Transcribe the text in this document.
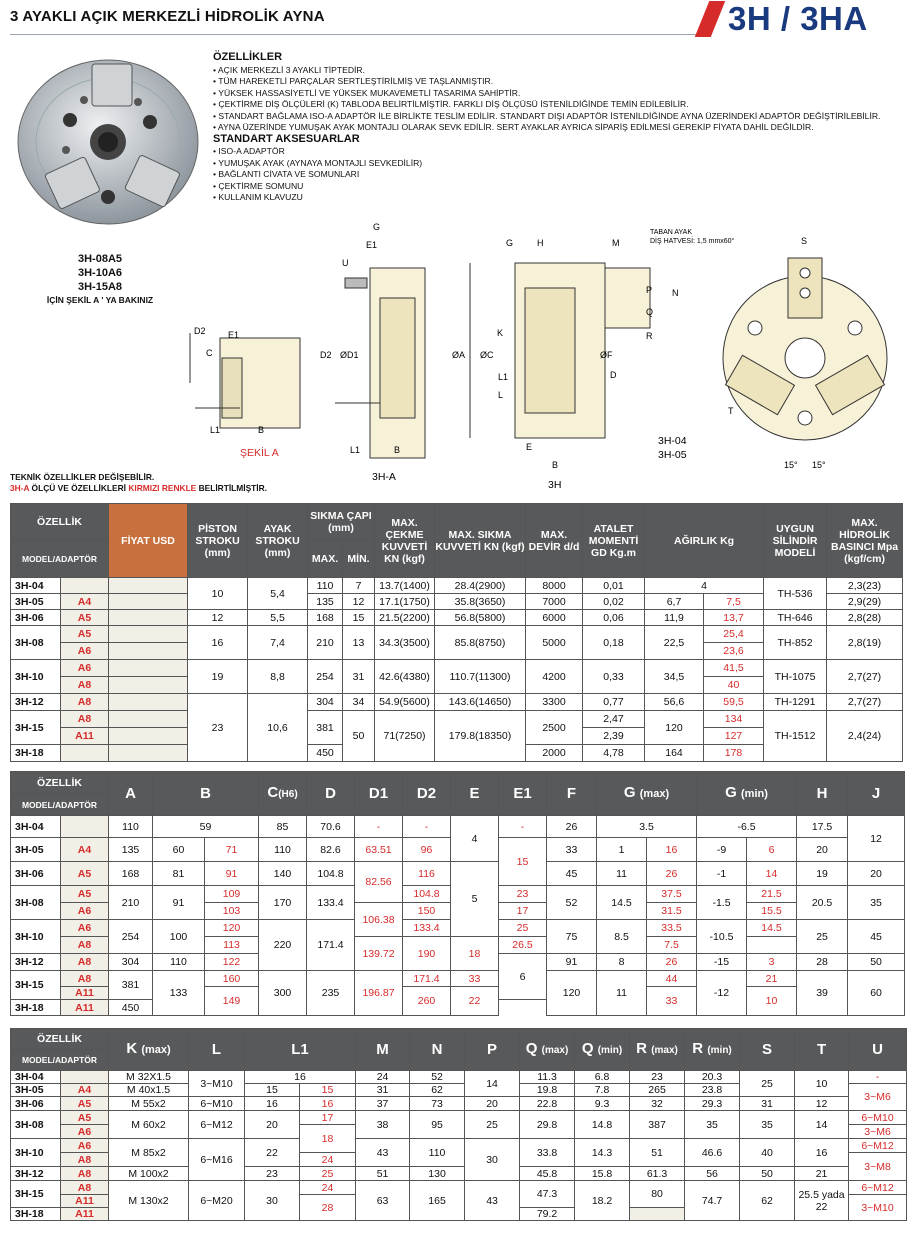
3 AYAKLI AÇIK MERKEZLİ HİDROLİK AYNA	3H / 3HA
ÖZELLİKLER
• AÇIK MERKEZLİ 3 AYAKLI TİPTEDİR.
• TÜM HAREKETLİ PARÇALAR SERTLEŞTİRİLMİŞ VE TAŞLANMIŞTIR.
• YÜKSEK HASSASİYETLİ VE YÜKSEK MUKAVEMETLİ TASARIMA SAHİPTİR.
• ÇEKTİRME DİŞ ÖLÇÜLERİ (K) TABLODA BELİRTİLMİŞTİR. FARKLI DİŞ ÖLÇÜSÜ İSTENİLDİĞİNDE TEMİN EDİLEBİLİR.
• STANDART BAĞLAMA ISO-A ADAPTÖR İLE BİRLİKTE TESLİM EDİLİR. STANDART DIŞI ADAPTÖR İSTENİLDİĞİNDE AYNA ÜZERİNDEKİ ADAPTÖR DEĞİŞTİRİLEBİLİR.
• AYNA ÜZERİNDE YUMUŞAK AYAK MONTAJLI OLARAK SEVK EDİLİR. SERT AYAKLAR AYRICA SİPARİŞ EDİLMESİ GEREKİP FİYATA DAHİL DEĞİLDİR.
STANDART AKSESUARLAR
• ISO-A ADAPTÖR
• YUMUŞAK AYAK (AYNAYA MONTAJLI SEVKEDİLİR)
• BAĞLANTI CİVATA VE SOMUNLARI
• ÇEKTİRME SOMUNU
• KULLANIM KLAVUZU
3H-08A5
3H-10A6
3H-15A8
İÇİN ŞEKİL A ' YA BAKINIZ
D2 E1
C
L1	B
ŞEKİL A
G
E1
U
D2 ØD1
L1	B
3H-A
G	H	M
TABAN AYAK
DİŞ HATVESİ: 1,5 mmx60°
ØA ØC
K
ØF
N
P
Q
R
D
L1
L
E
B
3H
S
T
3H-04
3H-05
15° 15°
TEKNİK ÖZELLİKLER DEĞİŞEBİLİR.
3H-A ÖLÇÜ VE ÖZELLİKLERİ KIRMIZI RENKLE BELİRTİLMİŞTİR.
ÖZELLİK		FİYAT USD	PİSTON STROKU (mm)	AYAK STROKU (mm)	SIKMA ÇAPI (mm)		MAX. ÇEKME KUVVETİ KN (kgf)	MAX. SIKMA KUVVETİ KN (kgf)	MAX. DEVİR d/d	ATALET MOMENTİ GD Kg.m	AĞIRLIK Kg		UYGUN SİLİNDİR MODELİ	MAX. HİDROLİK BASINCI Mpa (kgf/cm)
MODEL/ADAPTÖR					MAX.	MİN.								
3H-04			10	5,4	110	7	13.7(1400)	28.4(2900)	8000	0,01	4		TH-536	2,3(23)
3H-05	A4				135	12	17.1(1750)	35.8(3650)	7000	0,02	6,7	7,5		2,9(29)
3H-06	A5		12	5,5	168	15	21.5(2200)	56.8(5800)	6000	0,06	11,9	13,7	TH-646	2,8(28)
3H-08	A5		16	7,4	210	13	34.3(3500)	85.8(8750)	5000	0,18	22,5	25,4	TH-852	2,8(19)
	A6											23,6		
3H-10	A6		19	8,8	254	31	42.6(4380)	110.7(11300)	4200	0,33	34,5	41,5	TH-1075	2,7(27)
	A8											40		
3H-12	A8		23	10,6	304	34	54.9(5600)	143.6(14650)	3300	0,77	56,6	59,5	TH-1291	2,7(27)
3H-15	A8				381	50	71(7250)	179.8(18350)	2500	2,47	120	134	TH-1512	2,4(24)
	A11									2,39		127		
3H-18					450				2000	4,78	164	178		
ÖZELLİK		A	B		C(H6)	D	D1	D2	E	E1	F	G (max)		G (min)		H	J
MODEL/ADAPTÖR																	
3H-04		110	59		85	70.6	-	-	4	-	26	3.5		-6.5		17.5	12
3H-05	A4	135	60	71	110	82.6	63.51	96		15	33	1	16	-9	6	20	
3H-06	A5	168	81	91	140	104.8	82.56	116	5		45	11	26	-1	14	19	20
3H-08	A5	210	91	109	170	133.4		104.8		23	52	14.5	37.5	-1.5	21.5	20.5	35
	A6			103			106.38	150		17			31.5		15.5		
3H-10	A6	254	100	120	220	171.4		133.4		25	75	8.5	33.5	-10.5	14.5	25	45
	A8			113			139.72	190	18	26.5			7.5				
3H-12	A8	304	110	122						6	91	8	26	-15	3	28	50
3H-15	A8	381	133	160	300	235	196.87	171.4	33		120	11	44	-12	21	39	60
	A11			149				260	22				33		10		
3H-18	A11	450															
ÖZELLİK		K (max)	L	L1		M	N	P	Q (max)	Q (min)	R (max)	R (min)	S	T	U
MODEL/ADAPTÖR															
3H-04		M 32X1.5	3~M10	16		24	52	14	11.3	6.8	23	20.3	25	10	-
3H-05	A4	M 40x1.5		15	15	31	62		19.8	7.8	265	23.8			3~M6
3H-06	A5	M 55x2	6~M10	16	16	37	73	20	22.8	9.3	32	29.3	31	12	
3H-08	A5	M 60x2	6~M12	20	17	38	95	25	29.8	14.8	387	35	35	14	6~M10
	A6				18										3~M6
3H-10	A6	M 85x2	6~M16	22		43	110	30	33.8	14.3	51	46.6	40	16	6~M12
	A8				24										3~M8
3H-12	A8	M 100x2		23	25	51	130		45.8	15.8	61.3	56	50	21	
3H-15	A8	M 130x2	6~M20	30	24	63	165	43	47.3	18.2	80	74.7	62	25.5 yada 22	6~M12
	A11				28										3~M10
3H-18	A11								79.2						
